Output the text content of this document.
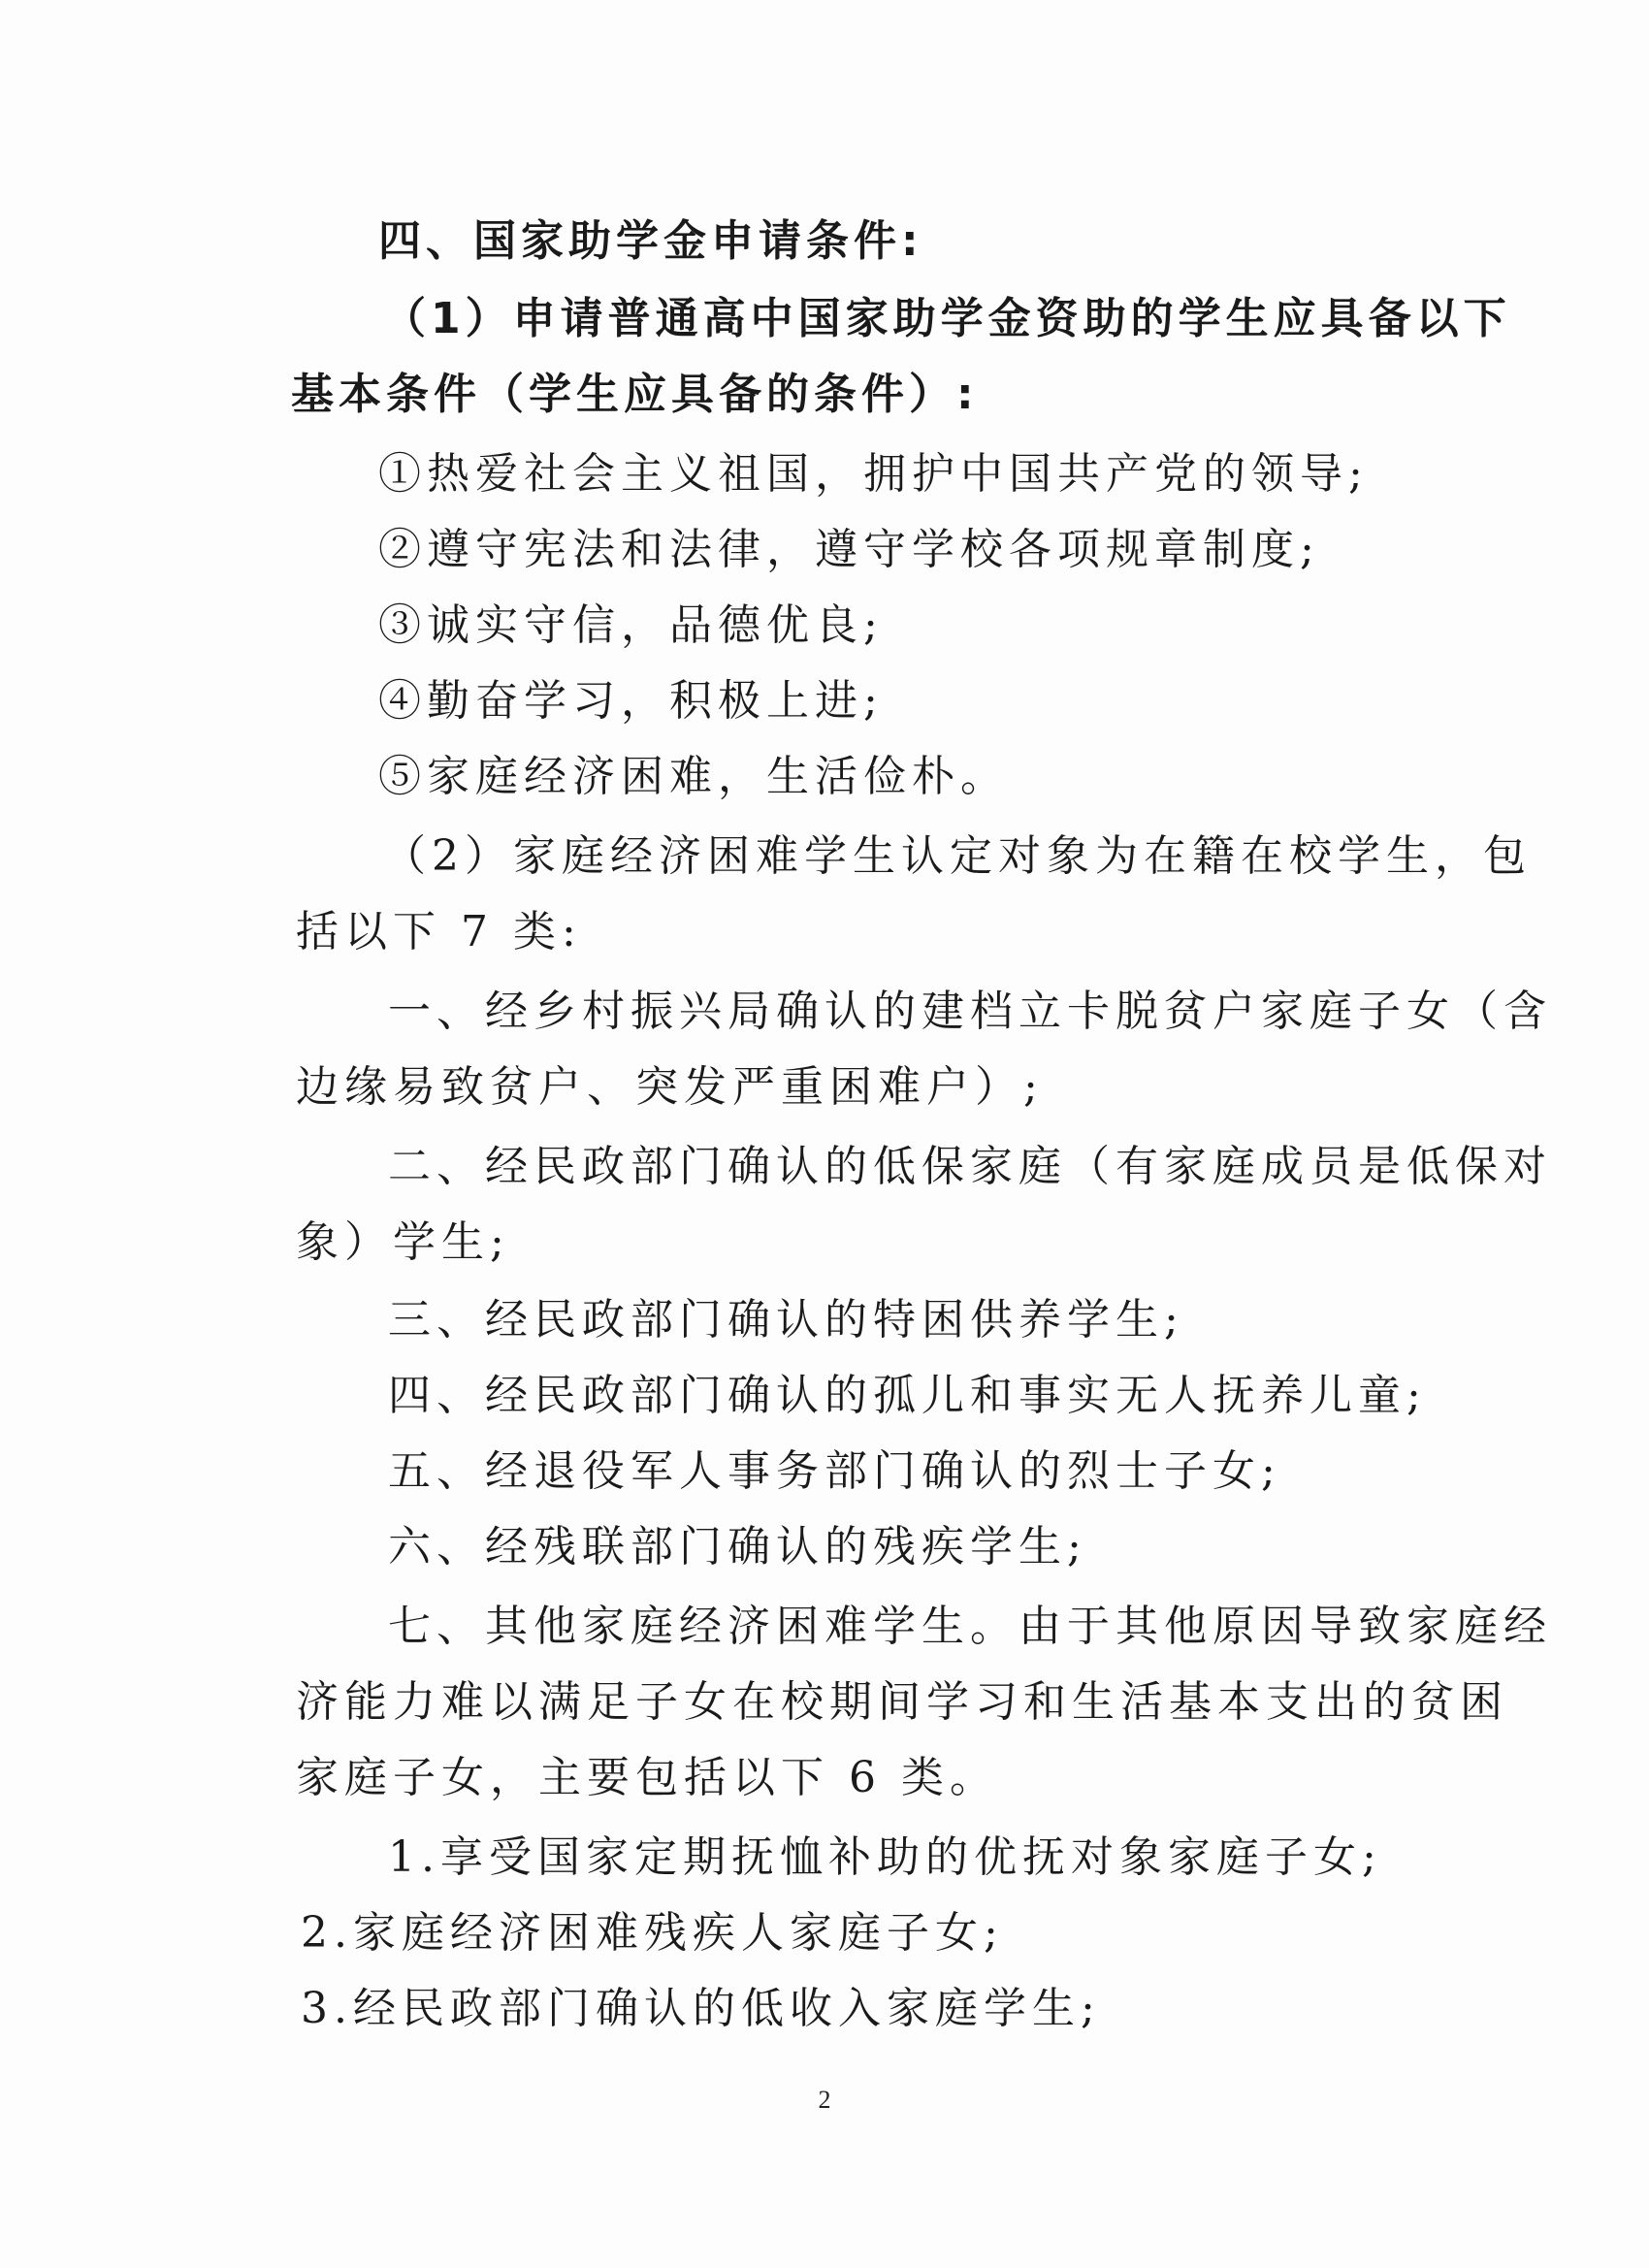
四、国家助学金申请条件:
（1）申请普通高中国家助学金资助的学生应具备以下
基本条件（学生应具备的条件）:
①热爱社会主义祖国，拥护中国共产党的领导;
②遵守宪法和法律，遵守学校各项规章制度;
③诚实守信，品德优良;
④勤奋学习，积极上进;
⑤家庭经济困难，生活俭朴。
（2）家庭经济困难学生认定对象为在籍在校学生，包
括以下 7 类:
一、经乡村振兴局确认的建档立卡脱贫户家庭子女（含
边缘易致贫户、突发严重困难户）;
二、经民政部门确认的低保家庭（有家庭成员是低保对
象）学生;
三、经民政部门确认的特困供养学生;
四、经民政部门确认的孤儿和事实无人抚养儿童;
五、经退役军人事务部门确认的烈士子女;
六、经残联部门确认的残疾学生;
七、其他家庭经济困难学生。由于其他原因导致家庭经
济能力难以满足子女在校期间学习和生活基本支出的贫困
家庭子女，主要包括以下 6 类。
1.享受国家定期抚恤补助的优抚对象家庭子女;
2.家庭经济困难残疾人家庭子女;
3.经民政部门确认的低收入家庭学生;
2
